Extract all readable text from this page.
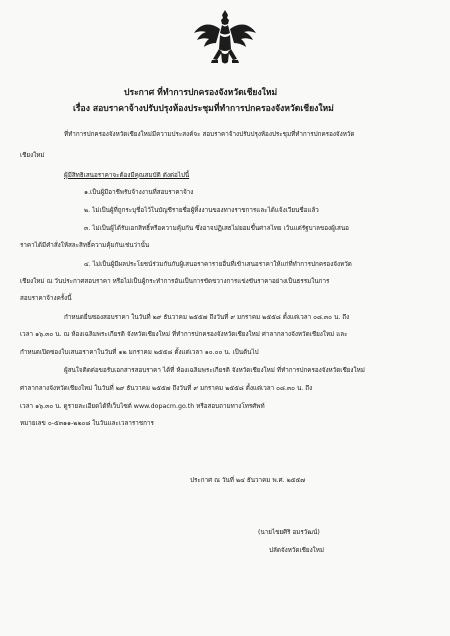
ประกาศ ที่ทำการปกครองจังหวัดเชียงใหม่
เรื่อง สอบราคาจ้างปรับปรุงห้องประชุมที่ทำการปกครองจังหวัดเชียงใหม่
ที่ทำการปกครองจังหวัดเชียงใหม่มีความประสงค์จะ สอบราคาจ้างปรับปรุงห้องประชุมที่ทำการปกครองจังหวัด
เชียงใหม่
ผู้มีสิทธิเสนอราคาจะต้องมีคุณสมบัติ ดังต่อไปนี้
๑.เป็นผู้มีอาชีพรับจ้างงานที่สอบราคาจ้าง
๒. ไม่เป็นผู้ที่ถูกระบุชื่อไว้ในบัญชีรายชื่อผู้ทิ้งงานของทางราชการและได้แจ้งเวียนชื่อแล้ว
๓. ไม่เป็นผู้ได้รับเอกสิทธิ์หรือความคุ้มกัน ซึ่งอาจปฏิเสธไม่ยอมขึ้นศาลไทย เว้นแต่รัฐบาลของผู้เสนอ
ราคาได้มีคำสั่งให้สละสิทธิ์ความคุ้มกันเช่นว่านั้น
๔. ไม่เป็นผู้มีผลประโยชน์ร่วมกันกับผู้เสนอราคารายอื่นที่เข้าเสนอราคาให้แก่ที่ทำการปกครองจังหวัด
เชียงใหม่ ณ วันประกาศสอบราคา หรือไม่เป็นผู้กระทำการอันเป็นการขัดขวางการแข่งขันราคาอย่างเป็นธรรมในการ
สอบราคาจ้างครั้งนี้
กำหนดยื่นซองสอบราคา ในวันที่ ๒๙ ธันวาคม ๒๕๕๗ ถึงวันที่ ๙ มกราคม ๒๕๕๘ ตั้งแต่เวลา ๐๘.๓๐ น. ถึง
เวลา ๑๖.๓๐ น. ณ ห้องเฉลิมพระเกียรติ จังหวัดเชียงใหม่ ที่ทำการปกครองจังหวัดเชียงใหม่ ศาลากลางจังหวัดเชียงใหม่ และ
กำหนดเปิดซองใบเสนอราคาในวันที่ ๑๒ มกราคม ๒๕๕๘ ตั้งแต่เวลา ๑๐.๐๐ น. เป็นต้นไป
ผู้สนใจติดต่อขอรับเอกสารสอบราคา ได้ที่ ห้องเฉลิมพระเกียรติ จังหวัดเชียงใหม่ ที่ทำการปกครองจังหวัดเชียงใหม่
ศาลากลางจังหวัดเชียงใหม่ ในวันที่ ๒๙ ธันวาคม ๒๕๕๗ ถึงวันที่ ๙ มกราคม ๒๕๕๘ ตั้งแต่เวลา ๐๘.๓๐ น. ถึง
เวลา ๑๖.๓๐ น. ดูรายละเอียดได้ที่เว็บไซต์ www.dopacm.go.th หรือสอบถามทางโทรศัพท์
หมายเลข ๐-๕๓๑๑-๒๒๐๘ ในวันและเวลาราชการ
ประกาศ ณ วันที่ ๒๔ ธันวาคม พ.ศ. ๒๕๕๗
(นายไชยศิริ อมรวัฒน์)
ปลัดจังหวัดเชียงใหม่
